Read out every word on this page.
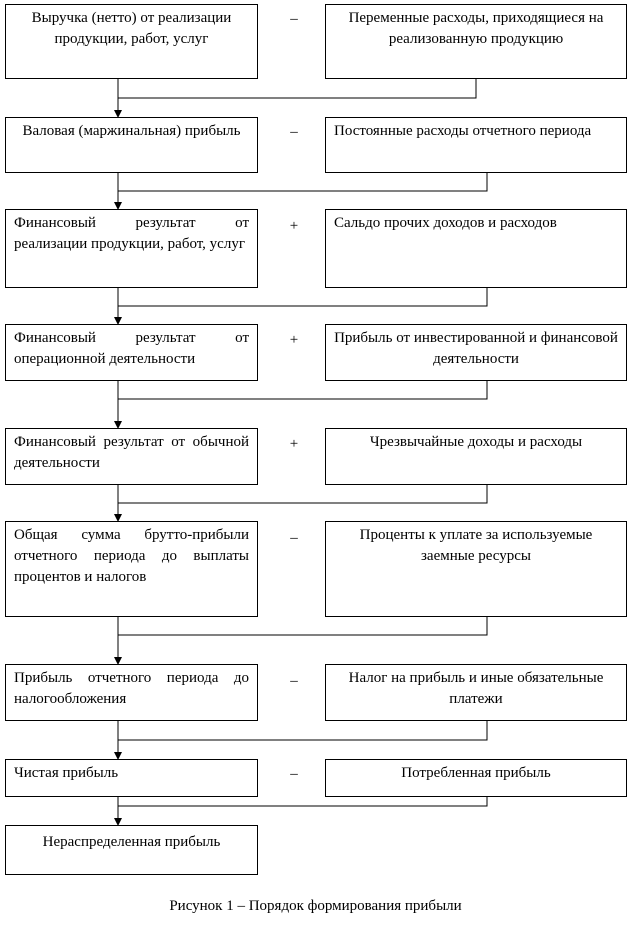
Выручка (нетто) от реализации продукции, работ, услуг
–	Переменные расходы, приходящиеся на реализованную продукцию
Валовая (маржинальная) прибыль	–	Постоянные расходы отчетного периода
Финансовый результат от реализации продукции, работ, услуг
+	Сальдо прочих доходов и расходов
Финансовый результат от операционной деятельности
+	Прибыль от инвестированной и финансовой деятельности
Финансовый результат от обычной деятельности
+	Чрезвычайные доходы и расходы
Общая сумма брутто-прибыли отчетного периода до выплаты процентов и налогов
–	Проценты к уплате за используемые заемные ресурсы
Прибыль отчетного периода до налогообложения
–	Налог на прибыль и иные обязательные платежи
Чистая прибыль	–	Потребленная прибыль
Нераспределенная прибыль
Рисунок 1 – Порядок формирования прибыли
